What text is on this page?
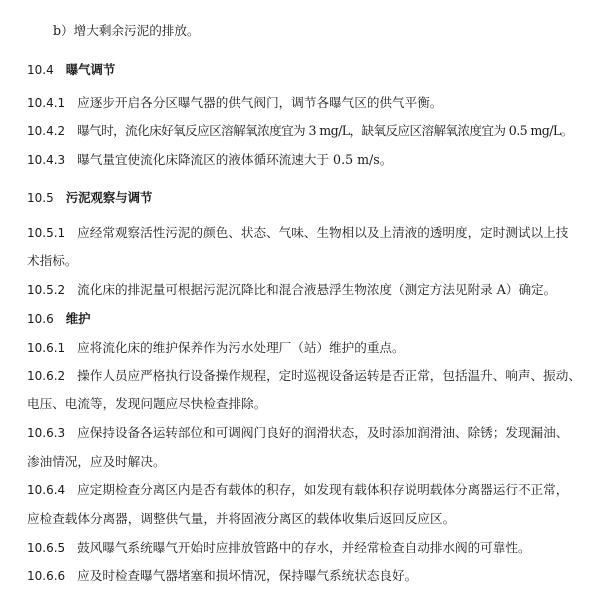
b）增大剩余污泥的排放。
10.4 曝气调节
10.4.1 应逐步开启各分区曝气器的供气阀门，调节各曝气区的供气平衡。
10.4.2 曝气时，流化床好氧反应区溶解氧浓度宜为 3 mg/L，缺氧反应区溶解氧浓度宜为 0.5 mg/L。
10.4.3 曝气量宜使流化床降流区的液体循环流速大于 0.5 m/s。
10.5 污泥观察与调节
10.5.1 应经常观察活性污泥的颜色、状态、气味、生物相以及上清液的透明度，定时测试以上技
术指标。
10.5.2 流化床的排泥量可根据污泥沉降比和混合液悬浮生物浓度（测定方法见附录 A）确定。
10.6 维护
10.6.1 应将流化床的维护保养作为污水处理厂（站）维护的重点。
10.6.2 操作人员应严格执行设备操作规程，定时巡视设备运转是否正常，包括温升、响声、振动、
电压、电流等，发现问题应尽快检查排除。
10.6.3 应保持设备各运转部位和可调阀门良好的润滑状态，及时添加润滑油、除锈；发现漏油、
渗油情况，应及时解决。
10.6.4 应定期检查分离区内是否有载体的积存，如发现有载体积存说明载体分离器运行不正常，
应检查载体分离器，调整供气量，并将固液分离区的载体收集后返回反应区。
10.6.5 鼓风曝气系统曝气开始时应排放管路中的存水，并经常检查自动排水阀的可靠性。
10.6.6 应及时检查曝气器堵塞和损坏情况，保持曝气系统状态良好。
